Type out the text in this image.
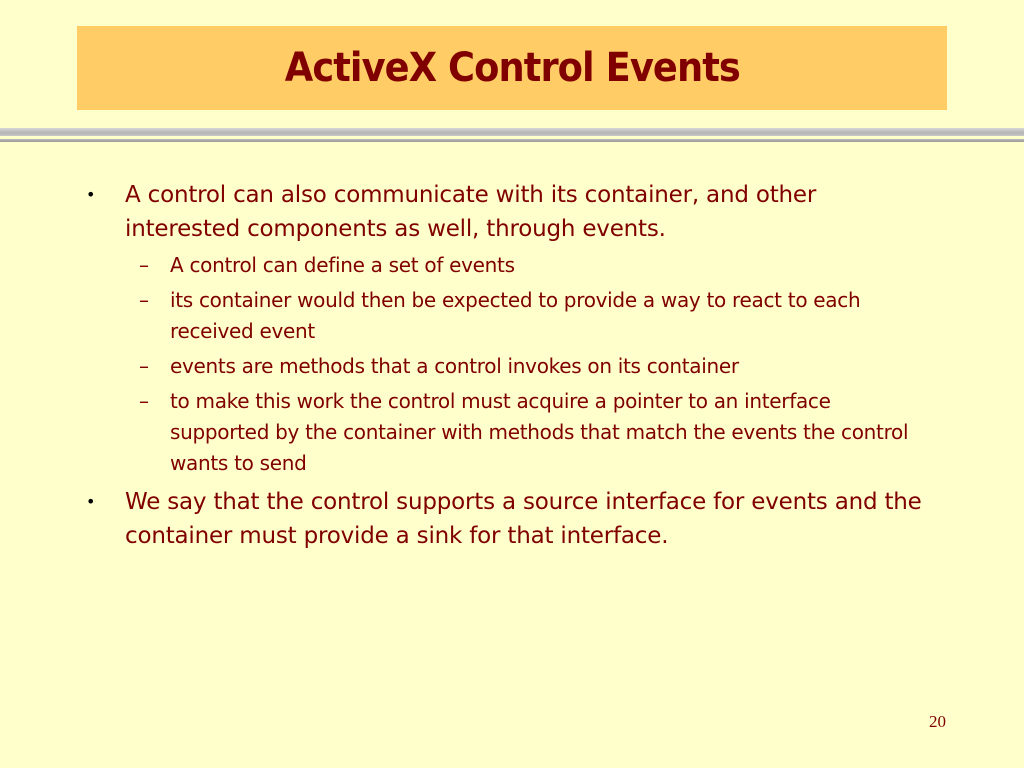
ActiveX Control Events
• A control can also communicate with its container, and other interested components as well, through events.
– A control can define a set of events
– its container would then be expected to provide a way to react to each received event
– events are methods that a control invokes on its container
– to make this work the control must acquire a pointer to an interface supported by the container with methods that match the events the control wants to send
• We say that the control supports a source interface for events and the container must provide a sink for that interface.
20
